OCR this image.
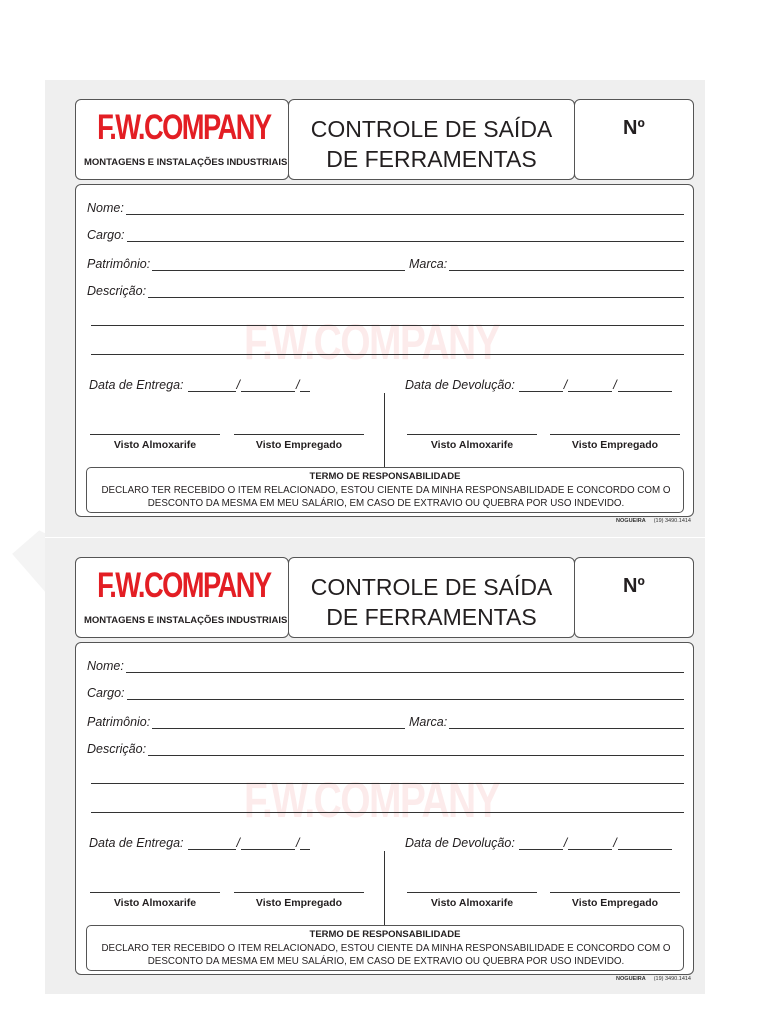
F.W.COMPANY
MONTAGENS E INSTALAÇÕES INDUSTRIAIS
CONTROLE DE SAÍDA
DE FERRAMENTAS
Nº
F.W.COMPANY
Nome:
Cargo:
Patrimônio:	Marca:
Descrição:
Data de Entrega:	/	/	Data de Devolução:	/	/
Visto Almoxarife	Visto Empregado	Visto Almoxarife	Visto Empregado
TERMO DE RESPONSABILIDADE
DECLARO TER RECEBIDO O ITEM RELACIONADO, ESTOU CIENTE DA MINHA RESPONSABILIDADE E CONCORDO COM O DESCONTO DA MESMA EM MEU SALÁRIO, EM CASO DE EXTRAVIO OU QUEBRA POR USO INDEVIDO.
NOGUEIRA (19) 3490.1414
F.W.COMPANY
MONTAGENS E INSTALAÇÕES INDUSTRIAIS
CONTROLE DE SAÍDA
DE FERRAMENTAS
Nº
F.W.COMPANY
Nome:
Cargo:
Patrimônio:	Marca:
Descrição:
Data de Entrega:	/	/	Data de Devolução:	/	/
Visto Almoxarife	Visto Empregado	Visto Almoxarife	Visto Empregado
TERMO DE RESPONSABILIDADE
DECLARO TER RECEBIDO O ITEM RELACIONADO, ESTOU CIENTE DA MINHA RESPONSABILIDADE E CONCORDO COM O DESCONTO DA MESMA EM MEU SALÁRIO, EM CASO DE EXTRAVIO OU QUEBRA POR USO INDEVIDO.
NOGUEIRA (19) 3490.1414
